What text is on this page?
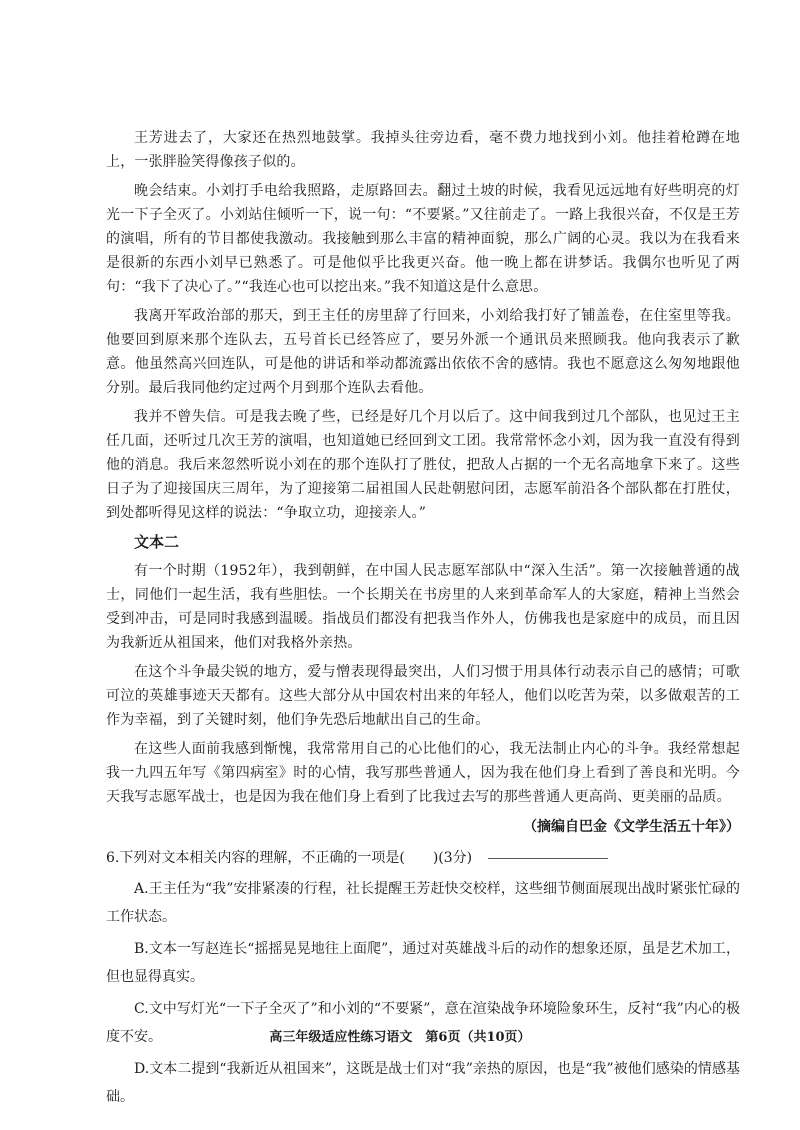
王芳进去了，大家还在热烈地鼓掌。我掉头往旁边看，毫不费力地找到小刘。他挂着枪蹲在地上，一张胖脸笑得像孩子似的。

晚会结束。小刘打手电给我照路，走原路回去。翻过土坡的时候，我看见远远地有好些明亮的灯光一下子全灭了。小刘站住倾听一下，说一句：“不要紧。”又往前走了。一路上我很兴奋，不仅是王芳的演唱，所有的节目都使我激动。我接触到那么丰富的精神面貌，那么广阔的心灵。我以为在我看来是很新的东西小刘早已熟悉了。可是他似乎比我更兴奋。他一晚上都在讲梦话。我偶尔也听见了两句：“我下了决心了。”“我连心也可以挖出来。”我不知道这是什么意思。

我离开军政治部的那天，到王主任的房里辞了行回来，小刘给我打好了铺盖卷，在住室里等我。他要回到原来那个连队去，五号首长已经答应了，要另外派一个通讯员来照顾我。他向我表示了歉意。他虽然高兴回连队，可是他的讲话和举动都流露出依依不舍的感情。我也不愿意这么匆匆地跟他分别。最后我同他约定过两个月到那个连队去看他。

我并不曾失信。可是我去晚了些，已经是好几个月以后了。这中间我到过几个部队，也见过王主任几面，还听过几次王芳的演唱，也知道她已经回到文工团。我常常怀念小刘，因为我一直没有得到他的消息。我后来忽然听说小刘在的那个连队打了胜仗，把敌人占据的一个无名高地拿下来了。这些日子为了迎接国庆三周年，为了迎接第二届祖国人民赴朝慰问团，志愿军前沿各个部队都在打胜仗，到处都听得见这样的说法：“争取立功，迎接亲人。”

文本二

有一个时期（1952年），我到朝鲜，在中国人民志愿军部队中“深入生活”。第一次接触普通的战士，同他们一起生活，我有些胆怯。一个长期关在书房里的人来到革命军人的大家庭，精神上当然会受到冲击，可是同时我感到温暖。指战员们都没有把我当作外人，仿佛我也是家庭中的成员，而且因为我新近从祖国来，他们对我格外亲热。

在这个斗争最尖锐的地方，爱与憎表现得最突出，人们习惯于用具体行动表示自己的感情；可歌可泣的英雄事迹天天都有。这些大部分从中国农村出来的年轻人，他们以吃苦为荣，以多做艰苦的工作为幸福，到了关键时刻，他们争先恐后地献出自己的生命。

在这些人面前我感到惭愧，我常常用自己的心比他们的心，我无法制止内心的斗争。我经常想起我一九四五年写《第四病室》时的心情，我写那些普通人，因为我在他们身上看到了善良和光明。今天我写志愿军战士，也是因为我在他们身上看到了比我过去写的那些普通人更高尚、更美丽的品质。

（摘编自巴金《文学生活五十年》）
6.下列对文本相关内容的理解，不正确的一项是(　　)(3分)

A.王主任为“我”安排紧凑的行程，社长提醒王芳赶快交校样，这些细节侧面展现出战时紧张忙碌的工作状态。

B.文本一写赵连长“摇摇晃晃地往上面爬”，通过对英雄战斗后的动作的想象还原，虽是艺术加工，但也显得真实。

C.文中写灯光“一下子全灭了”和小刘的“不要紧”，意在渲染战争环境险象环生，反衬“我”内心的极度不安。

D.文本二提到“我新近从祖国来”，这既是战士们对“我”亲热的原因，也是“我”被他们感染的情感基础。

高三年级适应性练习语文　第6页（共10页）
